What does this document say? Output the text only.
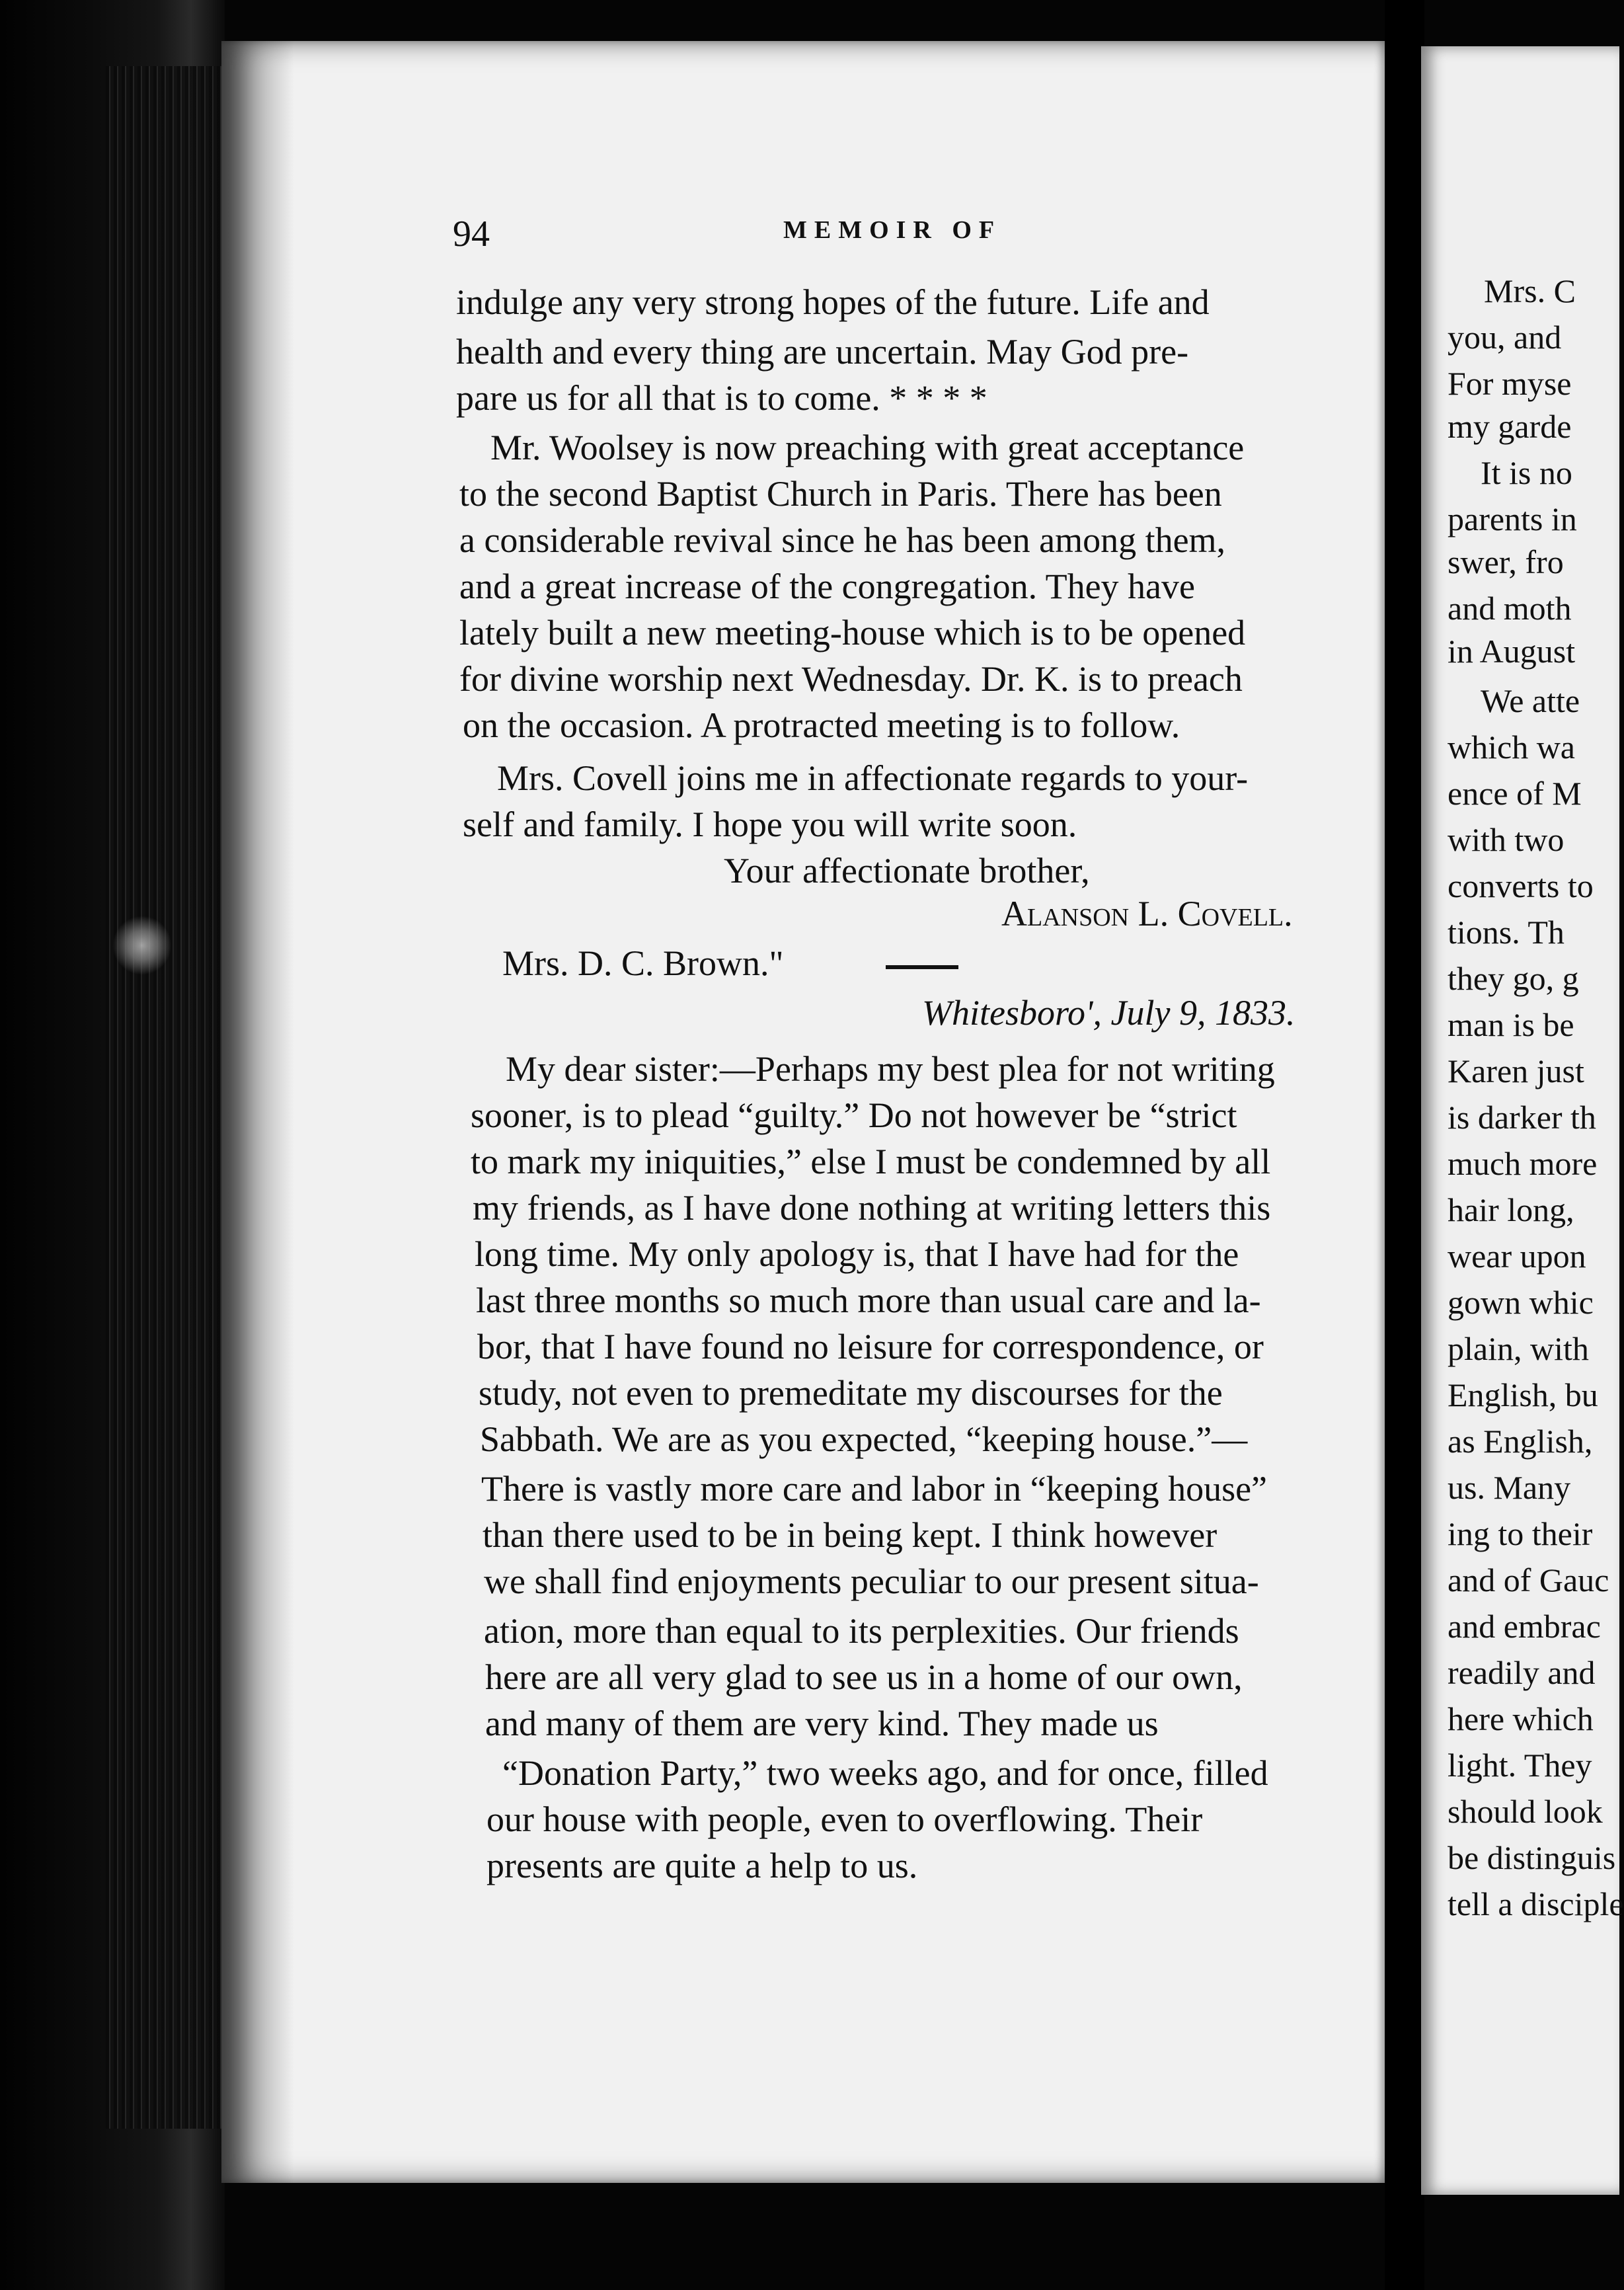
94	MEMOIR OF
indulge any very strong hopes of the future. Life and
health and every thing are uncertain. May God pre-
pare us for all that is to come. * * * *
Mr. Woolsey is now preaching with great acceptance
to the second Baptist Church in Paris. There has been
a considerable revival since he has been among them,
and a great increase of the congregation. They have
lately built a new meeting-house which is to be opened
for divine worship next Wednesday. Dr. K. is to preach
on the occasion. A protracted meeting is to follow.
Mrs. Covell joins me in affectionate regards to your-
self and family. I hope you will write soon.
Your affectionate brother,
Alanson L. Covell.
Mrs. D. C. Brown."
Whitesboro', July 9, 1833.
My dear sister:—Perhaps my best plea for not writing
sooner, is to plead “guilty.” Do not however be “strict
to mark my iniquities,” else I must be condemned by all
my friends, as I have done nothing at writing letters this
long time. My only apology is, that I have had for the
last three months so much more than usual care and la-
bor, that I have found no leisure for correspondence, or
study, not even to premeditate my discourses for the
Sabbath. We are as you expected, “keeping house.”—
There is vastly more care and labor in “keeping house”
than there used to be in being kept. I think however
we shall find enjoyments peculiar to our present situa-
ation, more than equal to its perplexities. Our friends
here are all very glad to see us in a home of our own,
and many of them are very kind. They made us
“Donation Party,” two weeks ago, and for once, filled
our house with people, even to overflowing. Their
presents are quite a help to us.
Mrs. C
you, and
For myse
my garde
It is no
parents in
swer, fro
and moth
in August
We atte
which wa
ence of M
with two
converts to
tions. Th
they go, g
man is be
Karen just
is darker th
much more
hair long,
wear upon
gown whic
plain, with
English, bu
as English,
us. Many
ing to their
and of Gauc
and embrac
readily and
here which
light. They
should look
be distinguis
tell a disciple
